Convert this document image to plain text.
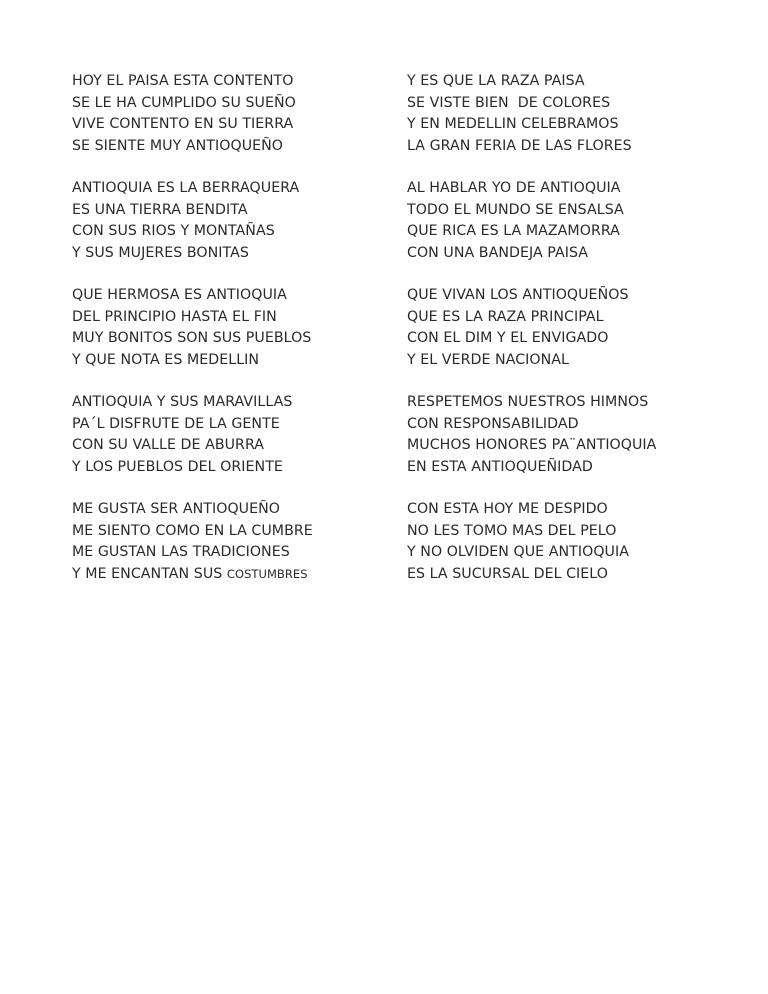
HOY EL PAISA ESTA CONTENTO
SE LE HA CUMPLIDO SU SUEÑO
VIVE CONTENTO EN SU TIERRA
SE SIENTE MUY ANTIOQUEÑO
ANTIOQUIA ES LA BERRAQUERA
ES UNA TIERRA BENDITA
CON SUS RIOS Y MONTAÑAS
Y SUS MUJERES BONITAS
QUE HERMOSA ES ANTIOQUIA
DEL PRINCIPIO HASTA EL FIN
MUY BONITOS SON SUS PUEBLOS
Y QUE NOTA ES MEDELLIN
ANTIOQUIA Y SUS MARAVILLAS
PA´L DISFRUTE DE LA GENTE
CON SU VALLE DE ABURRA
Y LOS PUEBLOS DEL ORIENTE
ME GUSTA SER ANTIOQUEÑO
ME SIENTO COMO EN LA CUMBRE
ME GUSTAN LAS TRADICIONES
Y ME ENCANTAN SUS COSTUMBRES
Y ES QUE LA RAZA PAISA
SE VISTE BIEN  DE COLORES
Y EN MEDELLIN CELEBRAMOS
LA GRAN FERIA DE LAS FLORES
AL HABLAR YO DE ANTIOQUIA
TODO EL MUNDO SE ENSALSA
QUE RICA ES LA MAZAMORRA
CON UNA BANDEJA PAISA
QUE VIVAN LOS ANTIOQUEÑOS
QUE ES LA RAZA PRINCIPAL
CON EL DIM Y EL ENVIGADO
Y EL VERDE NACIONAL
RESPETEMOS NUESTROS HIMNOS
CON RESPONSABILIDAD
MUCHOS HONORES PA¨ANTIOQUIA
EN ESTA ANTIOQUEÑIDAD
CON ESTA HOY ME DESPIDO
NO LES TOMO MAS DEL PELO
Y NO OLVIDEN QUE ANTIOQUIA
ES LA SUCURSAL DEL CIELO
